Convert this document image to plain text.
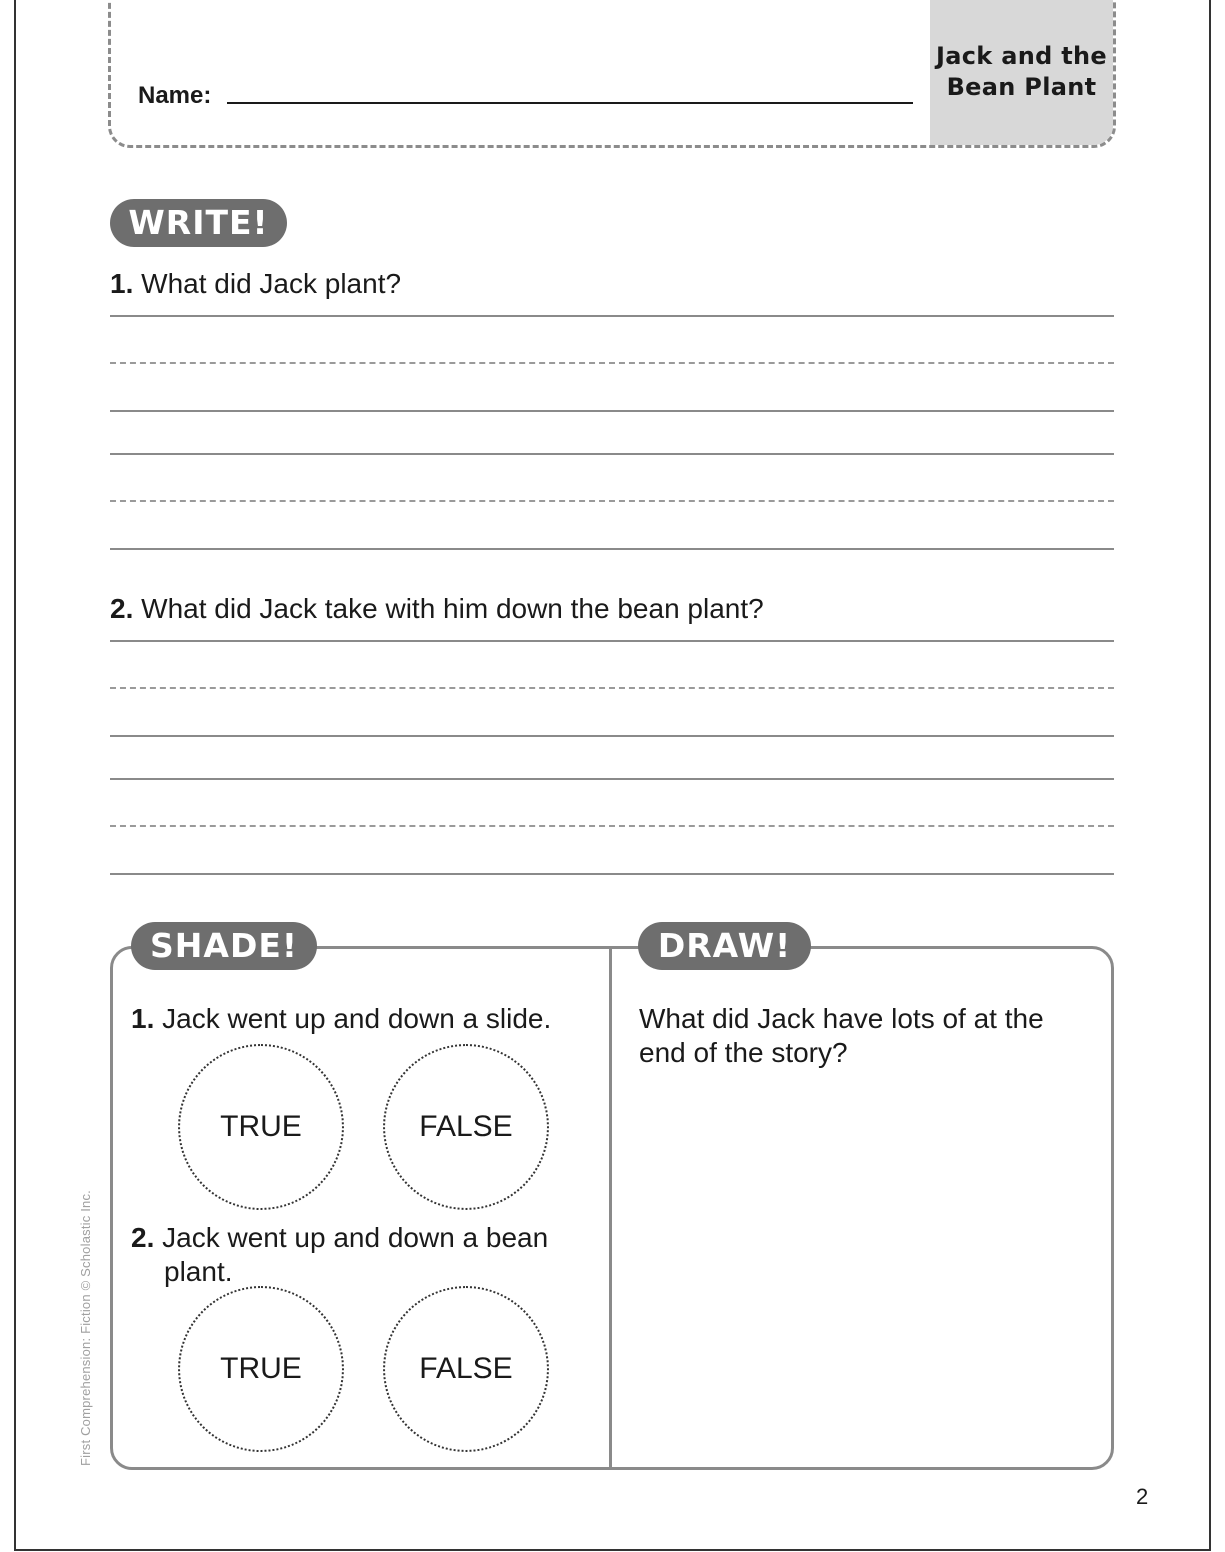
Jack and the
Bean Plant
Name:
WRITE!
1. What did Jack plant?
2. What did Jack take with him down the bean plant?
SHADE!	DRAW!
1. Jack went up and down a slide.
TRUE	FALSE
2. Jack went up and down a bean
plant.
TRUE	FALSE
What did Jack have lots of at the
end of the story?
First Comprehension: Fiction © Scholastic Inc.
2
